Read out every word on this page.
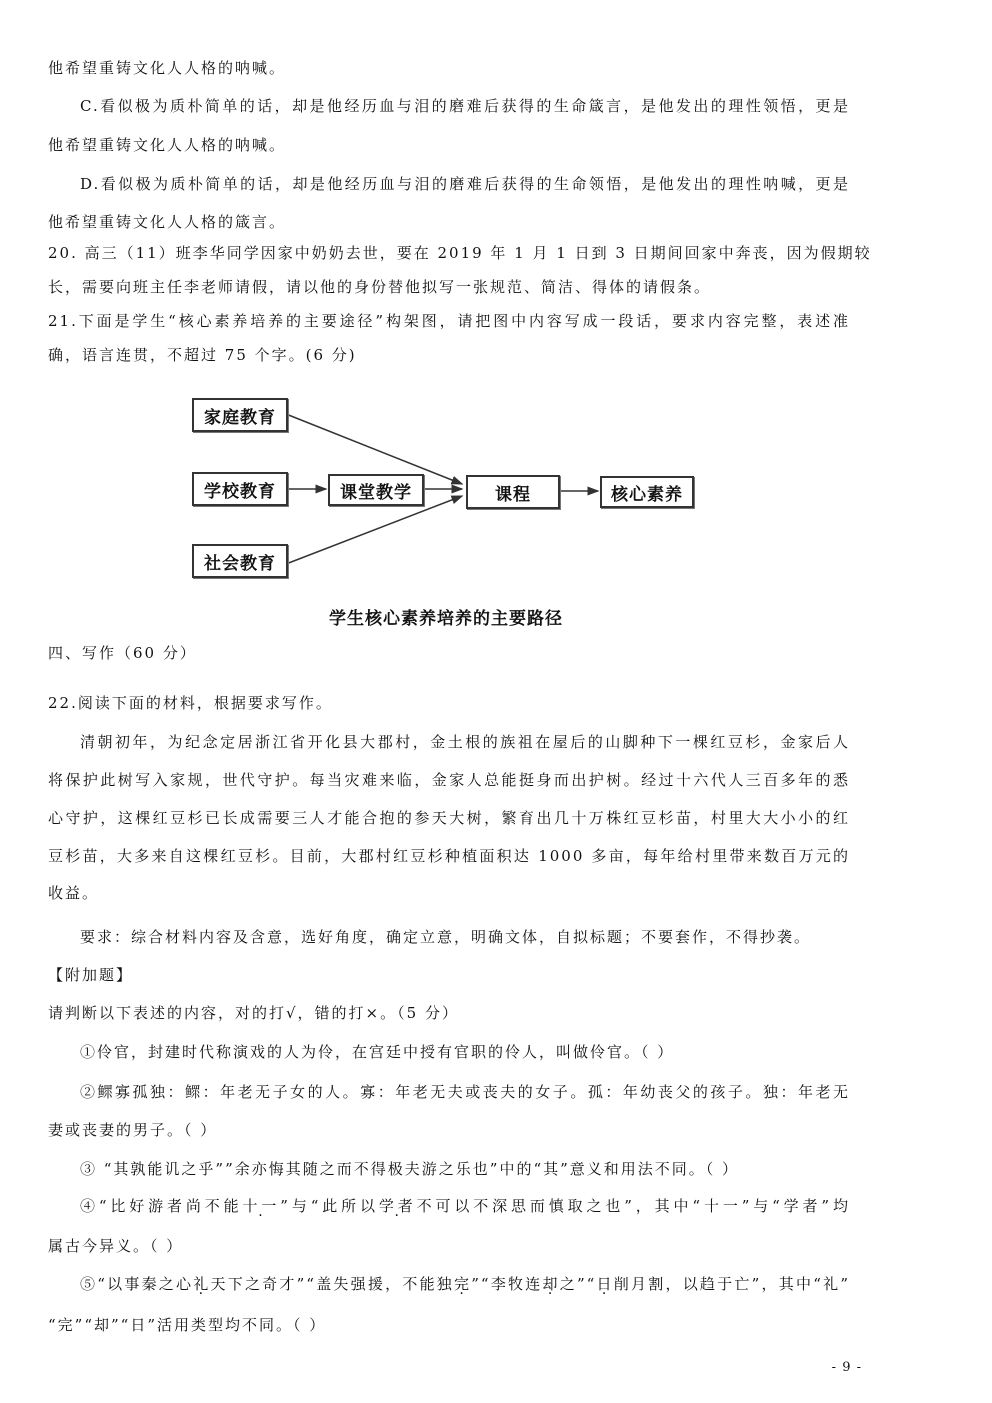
他希望重铸文化人人格的呐喊。
C.看似极为质朴简单的话，却是他经历血与泪的磨难后获得的生命箴言，是他发出的理性领悟，更是
他希望重铸文化人人格的呐喊。
D.看似极为质朴简单的话，却是他经历血与泪的磨难后获得的生命领悟，是他发出的理性呐喊，更是
他希望重铸文化人人格的箴言。
20. 高三（11）班李华同学因家中奶奶去世，要在 2019 年 1 月 1 日到 3 日期间回家中奔丧，因为假期较
长，需要向班主任李老师请假，请以他的身份替他拟写一张规范、简洁、得体的请假条。
21.下面是学生“核心素养培养的主要途径”构架图，请把图中内容写成一段话，要求内容完整，表述准
确，语言连贯，不超过 75 个字。(6 分)
家庭教育
学校教育	课堂教学	课程	核心素养
社会教育
学生核心素养培养的主要路径
四、写作（60 分）
22.阅读下面的材料，根据要求写作。
清朝初年，为纪念定居浙江省开化县大郡村，金土根的族祖在屋后的山脚种下一棵红豆杉，金家后人
将保护此树写入家规，世代守护。每当灾难来临，金家人总能挺身而出护树。经过十六代人三百多年的悉
心守护，这棵红豆杉已长成需要三人才能合抱的参天大树，繁育出几十万株红豆杉苗，村里大大小小的红
豆杉苗，大多来自这棵红豆杉。目前，大郡村红豆杉种植面积达 1000 多亩，每年给村里带来数百万元的
收益。
要求：综合材料内容及含意，选好角度，确定立意，明确文体，自拟标题；不要套作，不得抄袭。
【附加题】
请判断以下表述的内容，对的打√，错的打×。（5 分）
①伶官，封建时代称演戏的人为伶，在宫廷中授有官职的伶人，叫做伶官。（ ）
②鳏寡孤独：鳏：年老无子女的人。寡：年老无夫或丧夫的女子。孤：年幼丧父的孩子。独：年老无
妻或丧妻的男子。（ ）
③ “其孰能讥之乎””余亦悔其随之而不得极夫游之乐也”中的“其”意义和用法不同。（ ）
④“比好游者尚不能十一”与“此所以学者不可以不深思而慎取之也”，其中“十一”与“学者”均
属古今异义。（ ）
⑤“以事秦之心礼天下之奇才”“盖失强援，不能独完”“李牧连却之”“日削月割，以趋于亡”，其中“礼”
“完”“却”“日”活用类型均不同。（ ）
- 9 -
